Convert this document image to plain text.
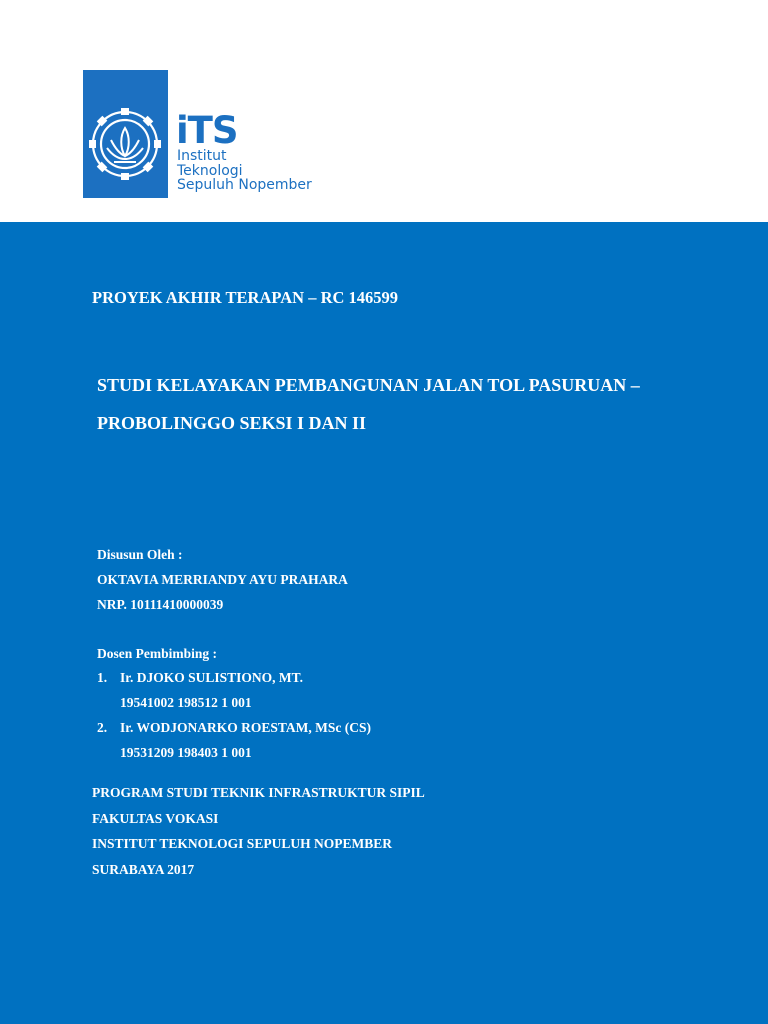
iTS
Institut
Teknologi
Sepuluh Nopember
PROYEK AKHIR TERAPAN – RC 146599
STUDI KELAYAKAN PEMBANGUNAN JALAN TOL PASURUAN –
PROBOLINGGO SEKSI I DAN II
Disusun Oleh :
OKTAVIA MERRIANDY AYU PRAHARA
NRP. 10111410000039
Dosen Pembimbing :
1. Ir. DJOKO SULISTIONO, MT.
19541002 198512 1 001
2. Ir. WODJONARKO ROESTAM, MSc (CS)
19531209 198403 1 001
PROGRAM STUDI TEKNIK INFRASTRUKTUR SIPIL
FAKULTAS VOKASI
INSTITUT TEKNOLOGI SEPULUH NOPEMBER
SURABAYA 2017
